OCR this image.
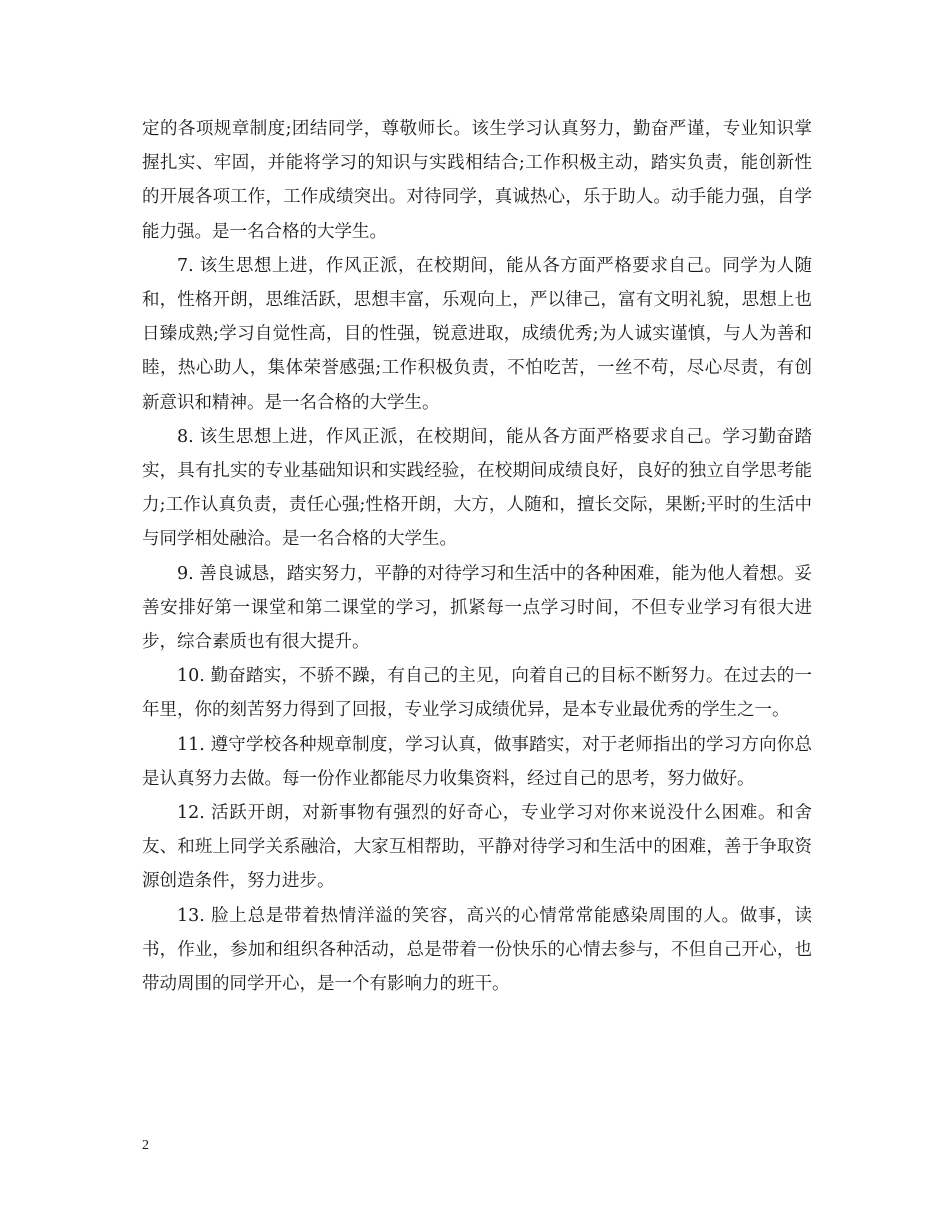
定的各项规章制度;团结同学，尊敬师长。该生学习认真努力，勤奋严谨，专业知识掌握扎实、牢固，并能将学习的知识与实践相结合;工作积极主动，踏实负责，能创新性的开展各项工作，工作成绩突出。对待同学，真诚热心，乐于助人。动手能力强，自学能力强。是一名合格的大学生。

7. 该生思想上进，作风正派，在校期间，能从各方面严格要求自己。同学为人随和，性格开朗，思维活跃，思想丰富，乐观向上，严以律己，富有文明礼貌，思想上也日臻成熟;学习自觉性高，目的性强，锐意进取，成绩优秀;为人诚实谨慎，与人为善和睦，热心助人，集体荣誉感强;工作积极负责，不怕吃苦，一丝不苟，尽心尽责，有创新意识和精神。是一名合格的大学生。

8. 该生思想上进，作风正派，在校期间，能从各方面严格要求自己。学习勤奋踏实，具有扎实的专业基础知识和实践经验，在校期间成绩良好，良好的独立自学思考能力;工作认真负责，责任心强;性格开朗，大方，人随和，擅长交际，果断;平时的生活中与同学相处融洽。是一名合格的大学生。

9. 善良诚恳，踏实努力，平静的对待学习和生活中的各种困难，能为他人着想。妥善安排好第一课堂和第二课堂的学习，抓紧每一点学习时间，不但专业学习有很大进步，综合素质也有很大提升。

10. 勤奋踏实，不骄不躁，有自己的主见，向着自己的目标不断努力。在过去的一年里，你的刻苦努力得到了回报，专业学习成绩优异，是本专业最优秀的学生之一。

11. 遵守学校各种规章制度，学习认真，做事踏实，对于老师指出的学习方向你总是认真努力去做。每一份作业都能尽力收集资料，经过自己的思考，努力做好。

12. 活跃开朗，对新事物有强烈的好奇心，专业学习对你来说没什么困难。和舍友、和班上同学关系融洽，大家互相帮助，平静对待学习和生活中的困难，善于争取资源创造条件，努力进步。

13. 脸上总是带着热情洋溢的笑容，高兴的心情常常能感染周围的人。做事，读书，作业，参加和组织各种活动，总是带着一份快乐的心情去参与，不但自己开心，也带动周围的同学开心，是一个有影响力的班干。

2
